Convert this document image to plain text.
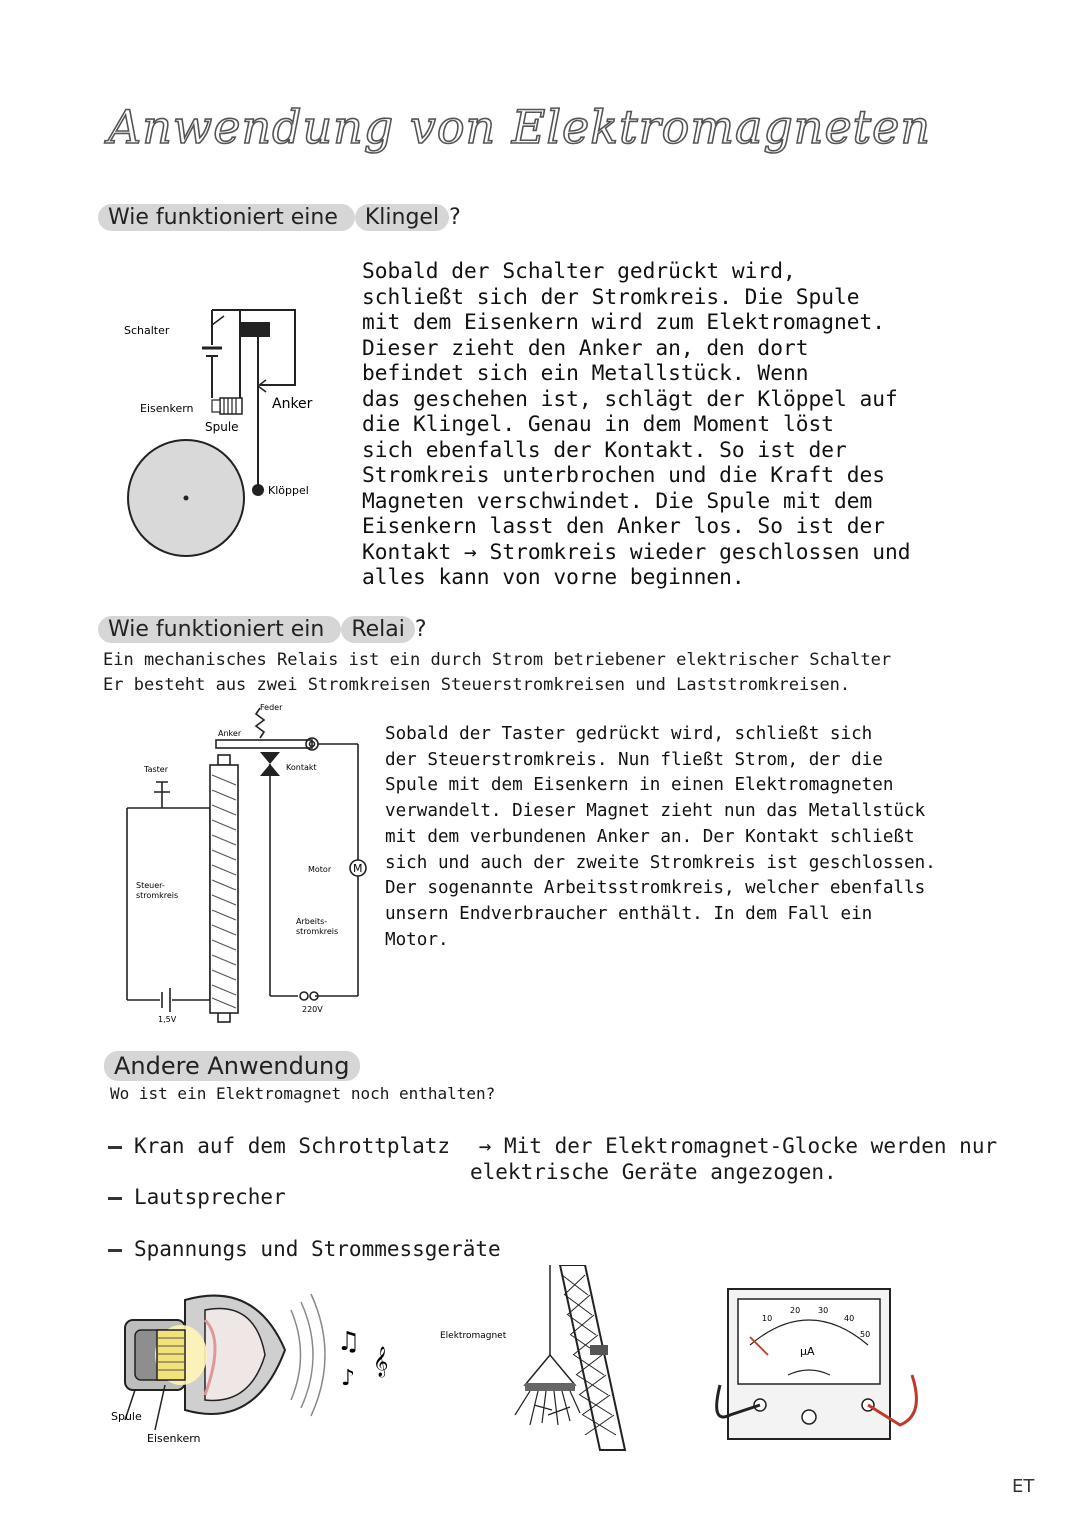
Anwendung von Elektromagneten
Wie funktioniert eine Klingel ?
Schalter
Eisenkern
Spule
Anker
Klöppel
Sobald der Schalter gedrückt wird,
schließt sich der Stromkreis. Die Spule
mit dem Eisenkern wird zum Elektromagnet.
Dieser zieht den Anker an, den dort
befindet sich ein Metallstück. Wenn
das geschehen ist, schlägt der Klöppel auf
die Klingel. Genau in dem Moment löst
sich ebenfalls der Kontakt. So ist der
Stromkreis unterbrochen und die Kraft des
Magneten verschwindet. Die Spule mit dem
Eisenkern lasst den Anker los. So ist der
Kontakt → Stromkreis wieder geschlossen und
alles kann von vorne beginnen.
Wie funktioniert ein Relai ?
Ein mechanisches Relais ist ein durch Strom betriebener elektrischer Schalter
Er besteht aus zwei Stromkreisen Steuerstromkreisen und Laststromkreisen.
Feder
Anker
Kontakt
Taster
Steuer-
stromkreis
Motor M
Arbeits-
stromkreis
1,5V
220V
Sobald der Taster gedrückt wird, schließt sich
der Steuerstromkreis. Nun fließt Strom, der die
Spule mit dem Eisenkern in einen Elektromagneten
verwandelt. Dieser Magnet zieht nun das Metallstück
mit dem verbundenen Anker an. Der Kontakt schließt
sich und auch der zweite Stromkreis ist geschlossen.
Der sogenannte Arbeitsstromkreis, welcher ebenfalls
unsern Endverbraucher enthält. In dem Fall ein
Motor.
Andere Anwendung
Wo ist ein Elektromagnet noch enthalten?
Kran auf dem Schrottplatz → Mit der Elektromagnet-Glocke werden nur
elektrische Geräte angezogen.
Lautsprecher
Spannungs und Strommessgeräte
Spule
Eisenkern
♫
♪
𝄞
Elektromagnet
10
20 30
40
50
µA
ET
